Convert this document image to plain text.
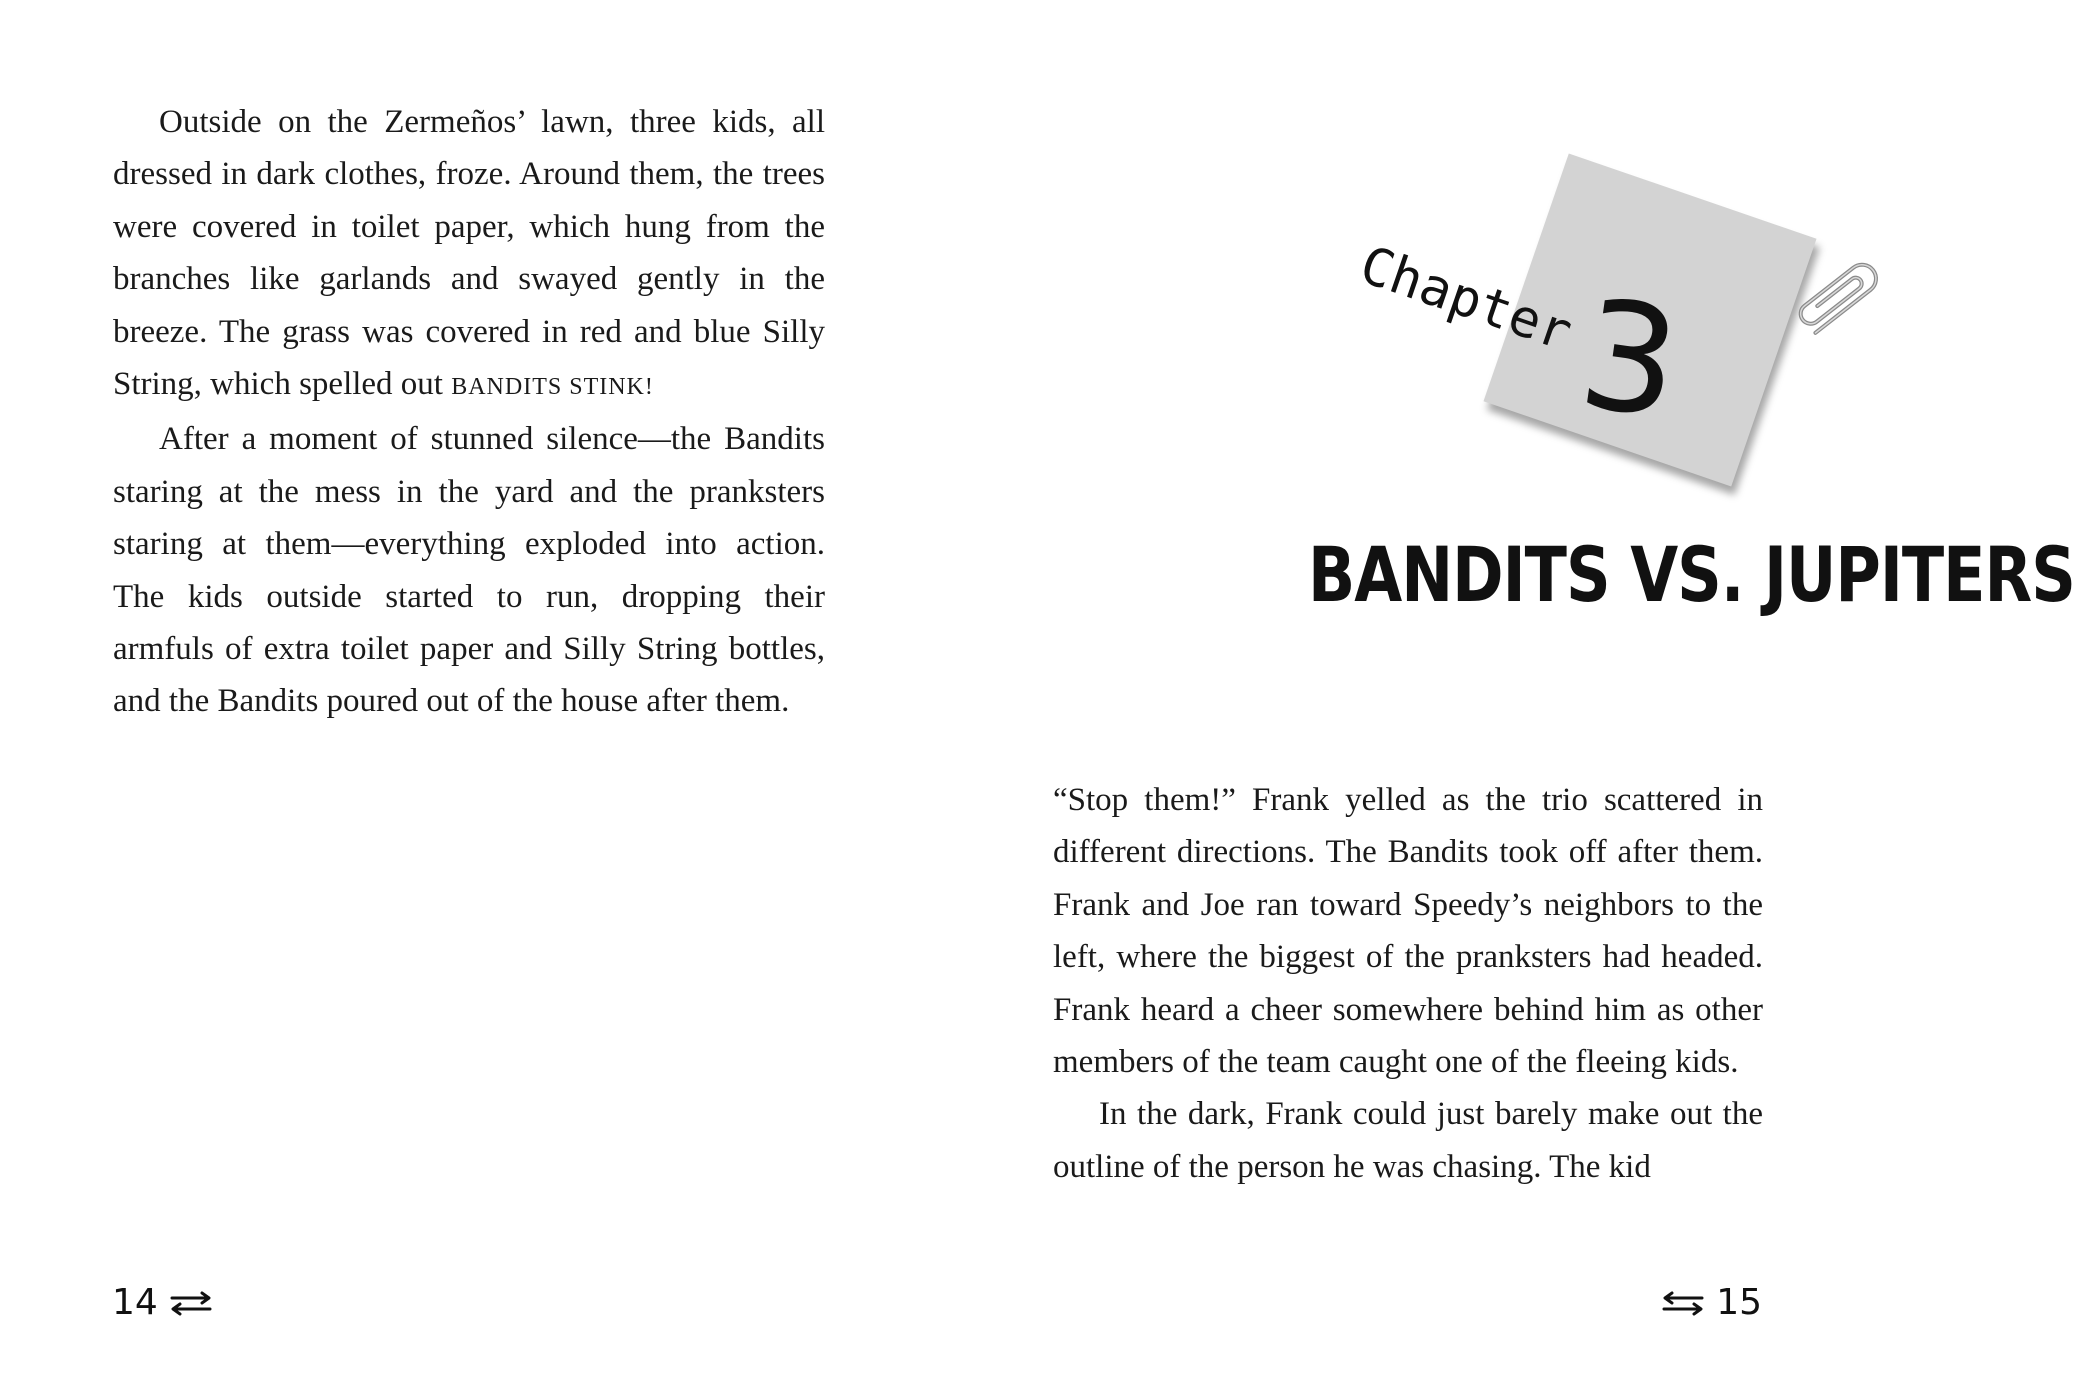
Outside on the Zermeños’ lawn, three kids, all dressed in dark clothes, froze. Around them, the trees were covered in toilet paper, which hung from the branches like garlands and swayed gently in the breeze. The grass was covered in red and blue Silly String, which spelled out BANDITS STINK!

After a moment of stunned silence—the Bandits staring at the mess in the yard and the pranksters staring at them—everything exploded into action. The kids outside started to run, dropping their armfuls of extra toilet paper and Silly String bottles, and the Bandits poured out of the house after them.

14
Chapter
3
BANDITS VS. JUPITERS

“Stop them!” Frank yelled as the trio scattered in different directions. The Bandits took off after them. Frank and Joe ran toward Speedy’s neighbors to the left, where the biggest of the pranksters had headed. Frank heard a cheer somewhere behind him as other members of the team caught one of the fleeing kids.

In the dark, Frank could just barely make out the outline of the person he was chasing. The kid

15
